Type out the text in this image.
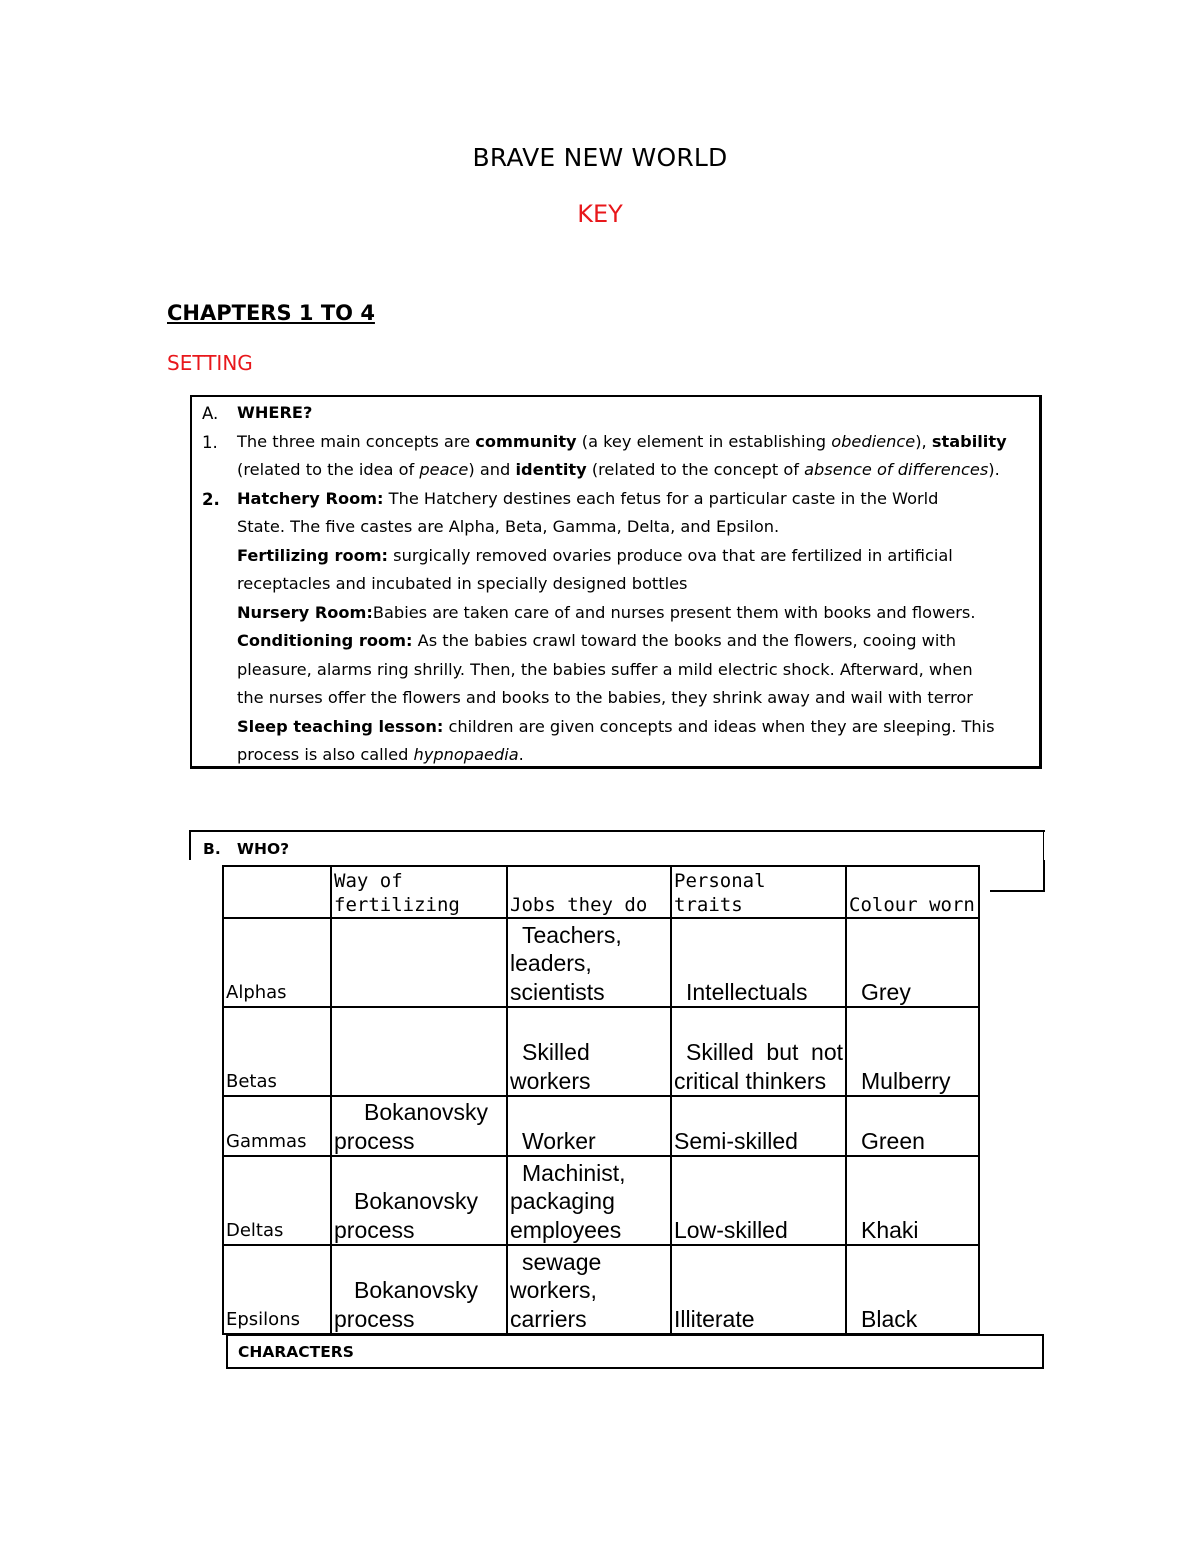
BRAVE NEW WORLD
KEY
CHAPTERS 1 TO 4
SETTING
A.
1.
2.
WHERE?
The three main concepts are community (a key element in establishing obedience), stability
(related to the idea of peace) and identity (related to the concept of absence of differences).
Hatchery Room: The Hatchery destines each fetus for a particular caste in the World
State. The five castes are Alpha, Beta, Gamma, Delta, and Epsilon.
Fertilizing room: surgically removed ovaries produce ova that are fertilized in artificial
receptacles and incubated in specially designed bottles
Nursery Room:Babies are taken care of and nurses present them with books and flowers.
Conditioning room: As the babies crawl toward the books and the flowers, cooing with
pleasure, alarms ring shrilly. Then, the babies suffer a mild electric shock. Afterward, when
the nurses offer the flowers and books to the babies, they shrink away and wail with terror
Sleep teaching lesson: children are given concepts and ideas when they are sleeping. This
process is also called hypnopaedia.
B. WHO?
	Way of fertilizing	Jobs they do	Personal traits	Colour worn
Alphas		Teachers, leaders, scientists	Intellectuals	Grey
Betas		Skilled workers	Skilled but not critical thinkers	Mulberry
Gammas	Bokanovsky process	Worker	Semi-skilled	Green
Deltas	Bokanovsky process	Machinist, packaging employees	Low-skilled	Khaki
Epsilons	Bokanovsky process	sewage workers, carriers	Illiterate	Black
CHARACTERS
